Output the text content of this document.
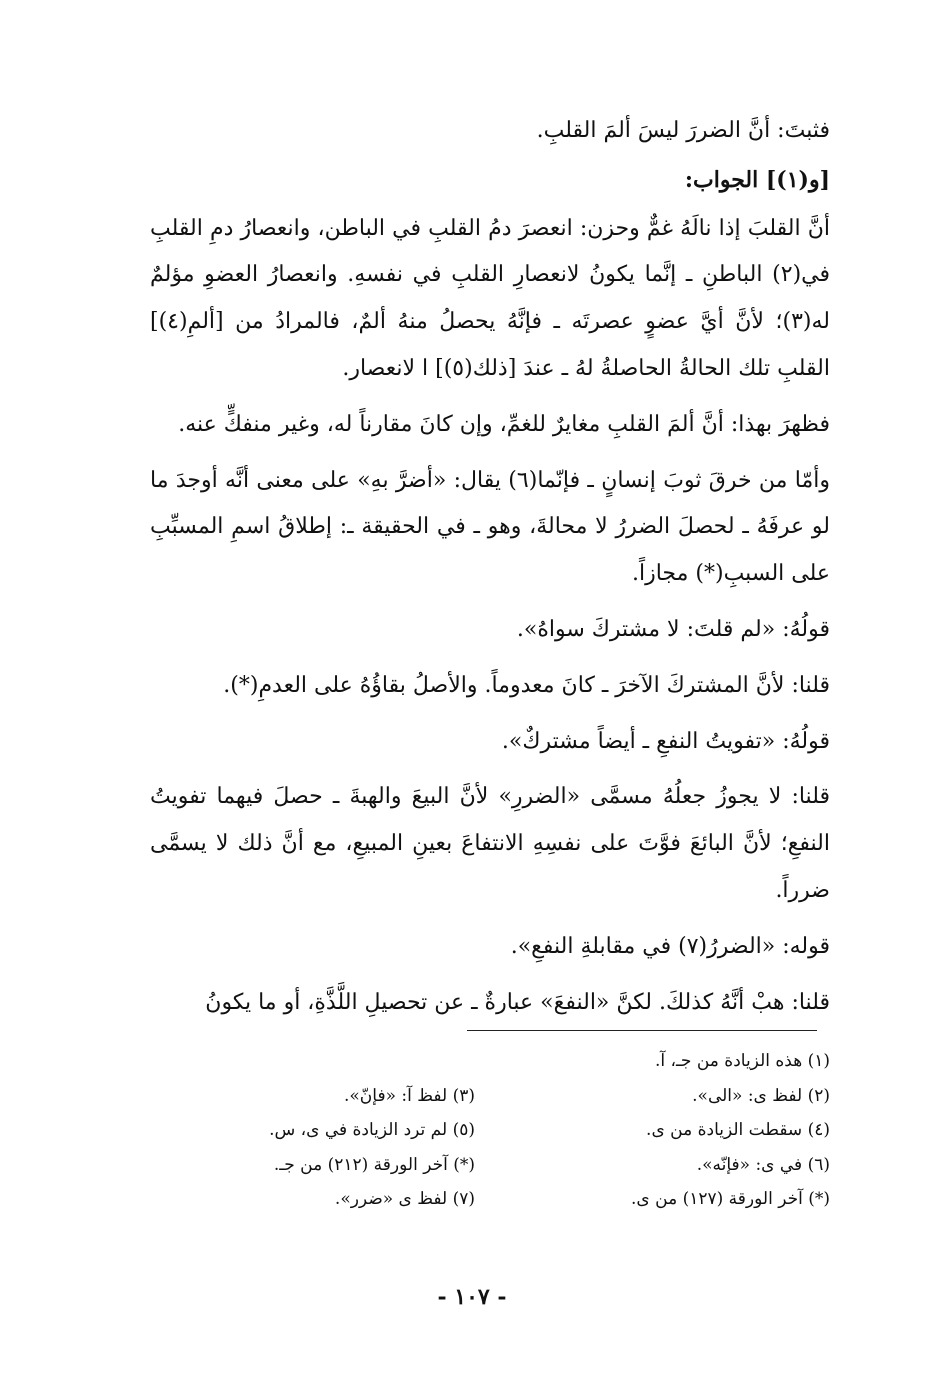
فثبتَ: أنَّ الضررَ ليسَ ألمَ القلبِ.

[و(١)] الجواب:

أنَّ القلبَ إذا نالَهُ غمٌّ وحزن: انعصرَ دمُ القلبِ في الباطن، وانعصارُ دمِ القلبِ في(٢) الباطنِ ـ إنَّما يكونُ لانعصارِ القلبِ في نفسهِ. وانعصارُ العضوِ مؤلمٌ له(٣)؛ لأنَّ أيَّ عضوٍ عصرتَه ـ فإنَّهُ يحصلُ منهُ ألمٌ، فالمرادُ من [ألمِ(٤)] القلبِ تلك الحالةُ الحاصلةُ لهُ ـ عندَ [ذلك(٥)] ا لانعصار.

فظهرَ بهذا: أنَّ ألمَ القلبِ مغايرٌ للغمِّ، وإن كانَ مقارناً له، وغير منفكٍّ عنه.

وأمّا من خرقَ ثوبَ إنسانٍ ـ فإنّما(٦) يقال: «أضرَّ بهِ» على معنى أنَّه أوجدَ ما لو عرفَهُ ـ لحصلَ الضررُ لا محالةَ، وهو ـ في الحقيقة ـ: إطلاقُ اسمِ المسبِّبِ على السببِ(*) مجازاً.

قولُهُ: «لم قلتَ: لا مشتركَ سواهُ».

قلنا: لأنَّ المشتركَ الآخرَ ـ كانَ معدوماً. والأصلُ بقاؤُهُ على العدمِ(*).

قولُهُ: «تفويتُ النفعِ ـ أيضاً مشتركٌ».

قلنا: لا يجوزُ جعلُهُ مسمَّى «الضررِ» لأنَّ البيعَ والهبةَ ـ حصلَ فيهما تفويتُ النفعِ؛ لأنَّ البائعَ فوَّتَ على نفسِهِ الانتفاعَ بعينِ المبيعِ، مع أنَّ ذلك لا يسمَّى ضرراً.

قوله: «الضررُ(٧) في مقابلةِ النفعِ».

قلنا: هبْ أنَّهُ كذلكَ. لكنَّ «النفعَ» عبارةٌ ـ عن تحصيلِ اللَّذَّةِ، أو ما يكونُ

(١) هذه الزيادة من جـ، آ.
(٢) لفظ ى: «الى».
(٣) لفظ آ: «فإنّ».
(٤) سقطت الزيادة من ى.
(٥) لم ترد الزيادة في ى، س.
(٦) في ى: «فإنّه».
(*) آخر الورقة (٢١٢) من جـ.
(*) آخر الورقة (١٢٧) من ى.
(٧) لفظ ى «ضرر».
- ١٠٧ -
